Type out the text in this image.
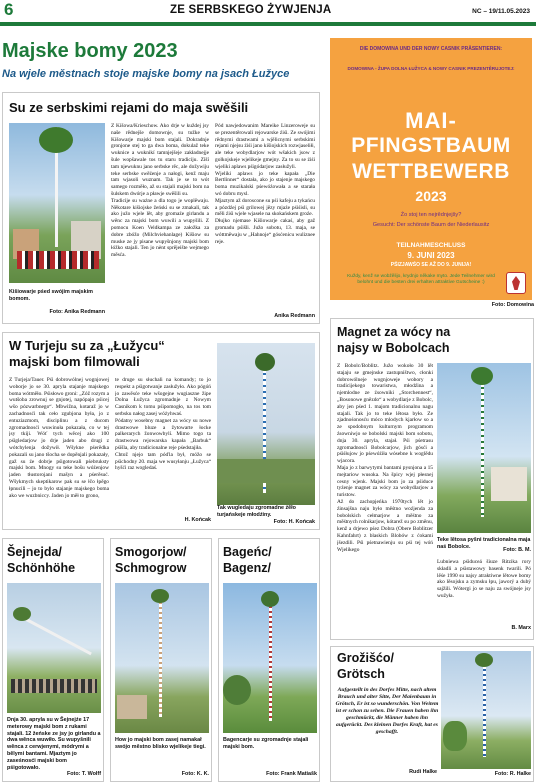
6	ZE SERBSKEGO ŻYWJENJA	NC – 19/11.05.2023
Majske bomy 2023
Na wjele městnach stoje majske bomy na jsach Łužyce
Su ze serbskimi rejami do maja swěšili
Kišiowarje pśed swójim majskim bomom.
Foto: Anika Redmann
Z Kišowa/Krieschow. Ako drje w kuždej jsy naše rědnejše domownje, su tužke w Kišowarje majski bom stajali. Dokradnje gronjone stej to ga dwa boma, dokulaž teke wuknice a wuknikí tamnjejšeje zakładnejje šule wopšawale tos tu staru tradiciju. Zìší tam njewuknu jano serbske rěc, ale dožywiju teke serbske swěźenje a nałogi, kenž maju tam wjasoli wuznam. Tak je se to wót samego rozměło, až su stajali majski bom na šulskem dwórje a pławje swěšili su.
Tradicije su ważne a dla togo je woplěwaju. Někotare kišiojske žeński su se zmakali, tak ako južo wjele lět, aby gromaźe girlandu a wěnc za majski bom wuwili a wupyšili. Z pomocu Koen Veldkampa ze załožka za dobre zbóžo (Milchviehanlage) Kišiow su muske ze jy pisane wupyšnjony majski bom łóžko stajali. Ten jo nènt sprějeište wejmego měsća.
Pód nawjedowanim Mareike Linzerowejе su se prezentěrowali rejowarske źiśi. Ze swójimi rědnymi drastwami a wjělicnymi serbskimi rejami njejsu źiśi jano kišiojskich rozwjaseliłi, ale teke wobydlarjow wót wšakich jsow z golkojskeje wjelikeje gmejny. Za to su se źiśi wjeliki aplaws pśigódarjow zasłužyli.
Wjeliki aplaws jo teke kapała „Die Bertlinner“ dostała, ako jo stajenje majskego boma muzikalski pśewóźowała a se starała wó dobru mysl.
Mjaztym až doroscone su pśi kafeju a tykańcu a pózdźej pśi grilowej jězy mjaźe pśiśisli, su měli źiśi wjele wjasele na skokańskem groźe.
Dłujko njemase Kišiowarje cakaś, aby gaž gromadu pśišli. Južo sobotu, 13. maja, se wóttměwaju w „Hahnoje“ gósćenicu wuliznee reje.
Anika Redmann
DIE DOMOWINA UND DER NOWY CASNIK PRÄSENTIEREN:
DOMOWINA - ŽUPA DOLNA ŁUŽYCA & NOWY CASNIK PREZENTĚRUJOTEJ:
MAI-
PFINGSTBAUM
WETTBEWERB
2023
Źo stoj ten nejrědnjejšy?
Gesucht: Der schönste Baum der Niederlausitz
TEILNAHMESCHLUSS
9. JUNI 2023
PŚIZJAWŚO SE AŽ DO 9. JUNIJA!
Kuždy, kenž se wobźělijo, krydnjo někake myto. Jede Teilnehmer wird belohnt und die besten drei erhalten attraktive Gutscheine :)
Foto: Domowina
W Turjeju su za „Łužycu“
majski bom filmowali
Z Turjeja/Tauer. Pśi dobrowólnej wognjowej woborje jo se 30. apryla stajanje majskego boma wótměło. Pśisłowo groni: „Zóž rozym a wutšoba zrownuj se gnjotej, napópajo pśicej wšo pózwarbnego“. Mbwižna, kotaraž jo w zachadnosći tak ceło zgubjona była, jo z entuziazmom, disciplinu a z ducom zgromadnosći wuwinuła pokazała, co w tej jsy tkiji. Wóť tych wěcej ako 100 pśigledarjow jo drje jaden abo drugi z wótchylenja dožywił. Wšykne pśerědka pokazali su jano tšocha se dopěnjali pokazały, gaž su źe dobrje pśigotowali pśebruksty majski bom. Mnogy su teke bošu wóźenjow jaden tłustorojani mašyn a pśerěsuć. Wšykmych skeptikarow pak su se łčo łpěgo łpnucili – jo to bylo stajanje majskego boma ako we wuzbniccy. Jaden jo měł to grono,
te druge su słuchali na komandy; to jo respekt a pśigotwanje zasłužyło. Ako pógóń jo zawěsće teke wšogejne wugiaszne žipe Dolna Łužyca zgromadnje z Nowym Casnikom k tomu pśipomogło, na tos tom serbsku nałog zasej wóżyhwaś.
Pódatny wosebny magnet za wócy su nowe drastwowe bluze a žytowarte łocke palkerarych žonwowbylí. Mimo togo ta drastwowa rejowarska kapała „Barbuk“ pśišla, aby tradicionalne reje pśedstajiła.
Chtož njejo tam póďla był, móžo se pśichodny 20. maja we wusyłanju „Łužyca“ hyšći raz wogledaś.
H. Końcak
Tak wugledaju zgromadne źěło turjańskeje młodźiny.
Foto: H. Końcak
Magnet za wócy na
najsy w Bobolcach
Z Bobolc/Boblitz. Južo wokoło 30 lět stajaju se gmejnske zastupništwo, cłonki dobrowólneje wognjowejе wobory a tradicijekego towaristwa, młodźina a njemlodne ze źsowniki „Storchennest“,„Bosonowe gnězdo“ a wobydlarje z Bobolc, aby jen pśed 1. majom tradicionalnu nagu stajali. Tak jo to teke lětosa było. Ze zjadnośonosću móco mlodych kjarłow so a ze spodobnym kulturnym programom źsowniwjo se bobolski majski bom sobotu, dnja 30. apryla, stajał. Pśi pśetrasu zgromadnosći Bobolcarjow, jich gósći a pśiśłujow jo pśewóźiła wósebne k woglědu wjacora.
Maja jo z barwytymi bantami pysnjona a 15 mejtariow wusoka. Na špicy wjej płesnej cesny wjenk. Majski bom jo za pśiduce tyźenje magnet za wócy za wobydlarjow a turistow.
Až do zachopjeńka 1970tych lět jo źinsajšna naju było měśtno woźjenda za bobolskich cełmarjow a měśtno za měśtnych rolnikarjow, kótarež su po změnu, kenž a drjewo pśez Dobra (Obere Boblitzer Kahnfahrt) z blaskich Blobów z ćokami jšezdili. Pśi pśetnawienju su pśi tej wóń Wjelikego
Teke lětosa pyšni tradicionalna maja naś Bobolce.
Foto: B. M.
Lubniewa pśiduceá šiuze Ritzika rory składli a pśistawowy basenk twarili. Pó lěśe 1990 su najsy atraktiwne lětowe bomy ako lěsojsku a zymsku łpu, jaworý a dubý sajžili. Wótergi jo se naju za swójneje jsy wužyła.
B. Marx
Šejnejda/
Schönhöhe
Dnja 30. apryla su w Šejnejźe 17 meterowy majski bom z rukami stajali. 12 žeńske ze jsy jo girlandu a dwa wěnca wuwiło. Su wupyšnili wěnca z cerwjenymi, módrymi a bělymi bantami. Mjaztym jo zaseśnosći majski bom pśigotowało.
Foto: T. Wolff
Smogorjow/
Schmogrow
How jo majski bom zasej namakał swójo městno blisko wjelikeje tiegi.
Foto: K. K.
Bageńc/
Bagenz/
Bagencarje su zgromadnje stajali majski bom.
Foto: Frank Matiašk
Grožišćo/
Grötsch
Aufgestellt in des Dorfes Mitte, nach altem Brauch und alter Sitte, Der Maienbaum in Grötsch, Er ist so wunderschön. Von Weitem ist er schon zu sehen. Die Frauen haben ihn geschmückt, die Männer haben ihn aufgerückt. Des kleinen Dorfes Kraft, hat es geschafft.
Rudi Halke	Foto: R. Halke
